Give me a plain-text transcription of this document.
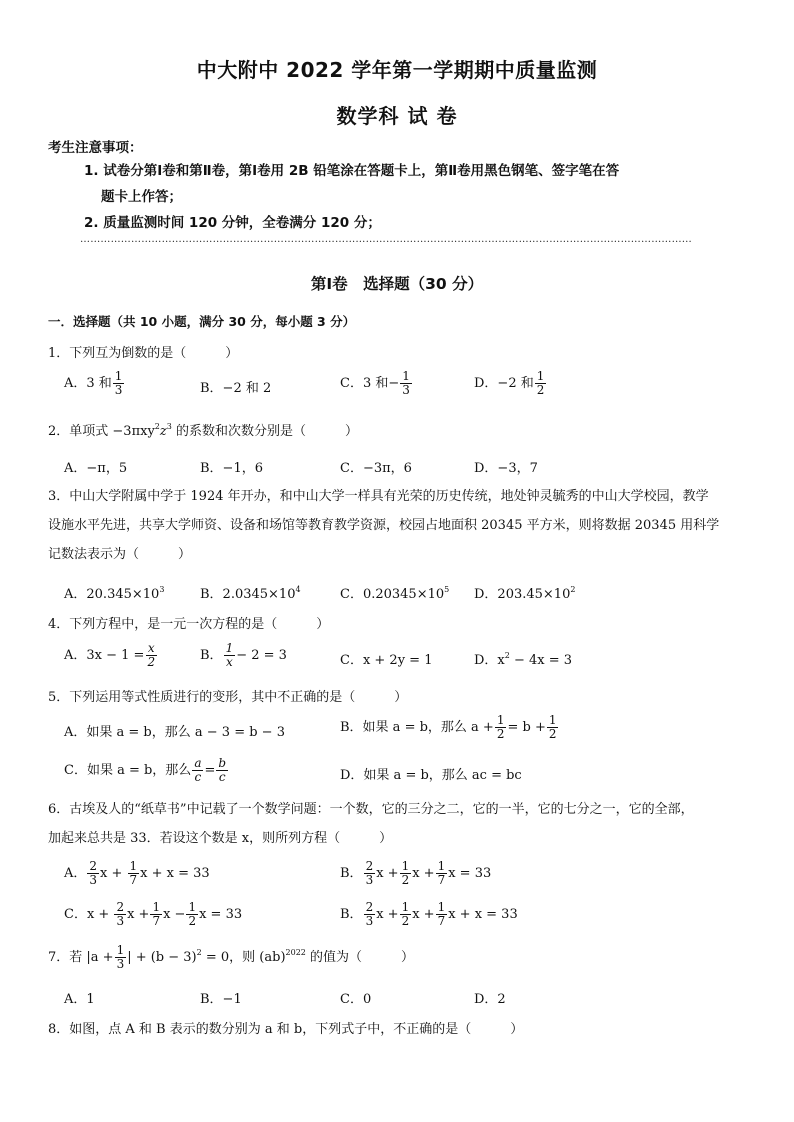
中大附中 2022 学年第一学期期中质量监测
数学科 试 卷
考生注意事项：
1. 试卷分第Ⅰ卷和第Ⅱ卷，第Ⅰ卷用 2B 铅笔涂在答题卡上，第Ⅱ卷用黑色钢笔、签字笔在答
题卡上作答；
2. 质量监测时间 120 分钟，全卷满分 120 分；
………………………………………………………………………………………………………………………………………………………………
第Ⅰ卷　选择题（30 分）
一．选择题（共 10 小题，满分 30 分，每小题 3 分）
1．下列互为倒数的是（　　　）
A．3 和 $\frac{1}{3}$	B．−2 和 2	C．3 和− $\frac{1}{3}$	D．−2 和 $\frac{1}{2}$
2．单项式 $-3\pi xy^2z^3$ 的系数和次数分别是（　　　）
A．−π，5	B．−1，6	C．−3π，6	D．−3，7
3．中山大学附属中学于 1924 年开办，和中山大学一样具有光荣的历史传统，地处钟灵毓秀的中山大学校园，教学
设施水平先进，共享大学师资、设备和场馆等教育教学资源，校园占地面积 20345 平方米，则将数据 20345 用科学
记数法表示为（　　　）
A．$20.345\times 10^3$	B．$2.0345\times 10^4$	C．$0.20345\times 10^5$ D．$203.45\times 10^2$
4．下列方程中，是一元一次方程的是（　　　）
A．$3x - 1 = \frac{x}{2}$	B． $\frac{1}{x} - 2 = 3$	C．x + 2y = 1	D．$x^2 - 4x = 3$
5．下列运用等式性质进行的变形，其中不正确的是（　　　）
A．如果 a = b，那么 a − 3 = b − 3	B．如果 a = b，那么 $a + \frac{1}{2} = b + \frac{1}{2}$
C．如果 a = b，那么 $\frac{a}{c} = \frac{b}{c}$	D．如果 a = b，那么 ac = bc
6．古埃及人的“纸草书”中记载了一个数学问题：一个数，它的三分之二，它的一半，它的七分之一，它的全部，
加起来总共是 33．若设这个数是 x，则所列方程（　　　）
A． $\frac{2}{3}$ $x + \frac{1}{7}$ x + x = 33	B． $\frac{2}{3}$ $x + \frac{1}{2}$ $x + \frac{1}{7}$ x = 33
C．$x + \frac{2}{3}$ $x + \frac{1}{7}$ $x - \frac{1}{2}$ x = 33	B． $\frac{2}{3}$ $x + \frac{1}{2}$ $x + \frac{1}{7}$ x + x = 33
7．若 $|a + \frac{1}{3}$ | + $(b - 3)^2 = 0$，则 (ab)$^{2022}$ 的值为（　　　）
A．1	B．−1	C．0	D．2
8．如图，点 A 和 B 表示的数分别为 a 和 b，下列式子中，不正确的是（　　　）
